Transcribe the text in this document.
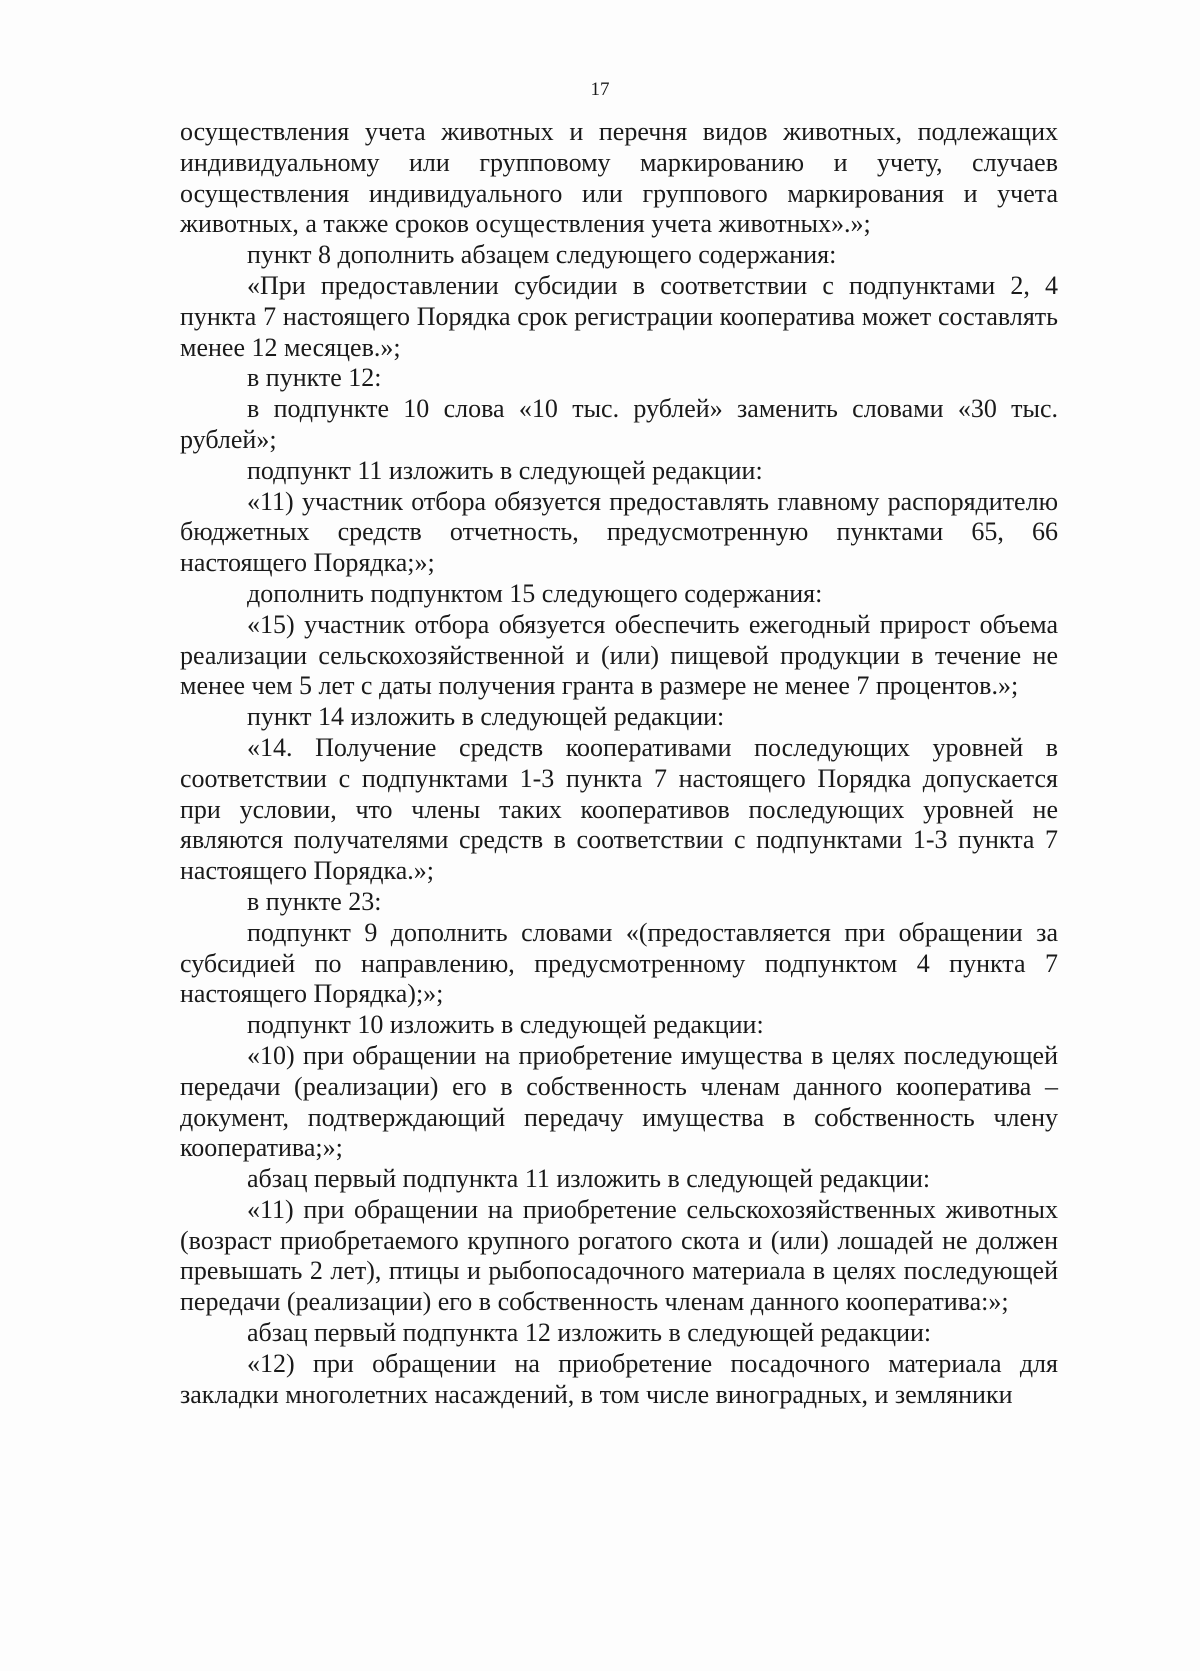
17

осуществления учета животных и перечня видов животных, подлежащих индивидуальному или групповому маркированию и учету, случаев осуществления индивидуального или группового маркирования и учета животных, а также сроков осуществления учета животных».»;

пункт 8 дополнить абзацем следующего содержания:

«При предоставлении субсидии в соответствии с подпунктами 2, 4 пункта 7 настоящего Порядка срок регистрации кооператива может составлять менее 12 месяцев.»;

в пункте 12:

в подпункте 10 слова «10 тыс. рублей» заменить словами «30 тыс. рублей»;

подпункт 11 изложить в следующей редакции:

«11) участник отбора обязуется предоставлять главному распорядителю бюджетных средств отчетность, предусмотренную пунктами 65, 66 настоящего Порядка;»;

дополнить подпунктом 15 следующего содержания:

«15) участник отбора обязуется обеспечить ежегодный прирост объема реализации сельскохозяйственной и (или) пищевой продукции в течение не менее чем 5 лет с даты получения гранта в размере не менее 7 процентов.»;

пункт 14 изложить в следующей редакции:

«14. Получение средств кооперативами последующих уровней в соответствии с подпунктами 1-3 пункта 7 настоящего Порядка допускается при условии, что члены таких кооперативов последующих уровней не являются получателями средств в соответствии с подпунктами 1-3 пункта 7 настоящего Порядка.»;

в пункте 23:

подпункт 9 дополнить словами «(предоставляется при обращении за субсидией по направлению, предусмотренному подпунктом 4 пункта 7 настоящего Порядка);»;

подпункт 10 изложить в следующей редакции:

«10) при обращении на приобретение имущества в целях последующей передачи (реализации) его в собственность членам данного кооператива – документ, подтверждающий передачу имущества в собственность члену кооператива;»;

абзац первый подпункта 11 изложить в следующей редакции:

«11) при обращении на приобретение сельскохозяйственных животных (возраст приобретаемого крупного рогатого скота и (или) лошадей не должен превышать 2 лет), птицы и рыбопосадочного материала в целях последующей передачи (реализации) его в собственность членам данного кооператива:»;

абзац первый подпункта 12 изложить в следующей редакции:

«12) при обращении на приобретение посадочного материала для закладки многолетних насаждений, в том числе виноградных, и земляники
